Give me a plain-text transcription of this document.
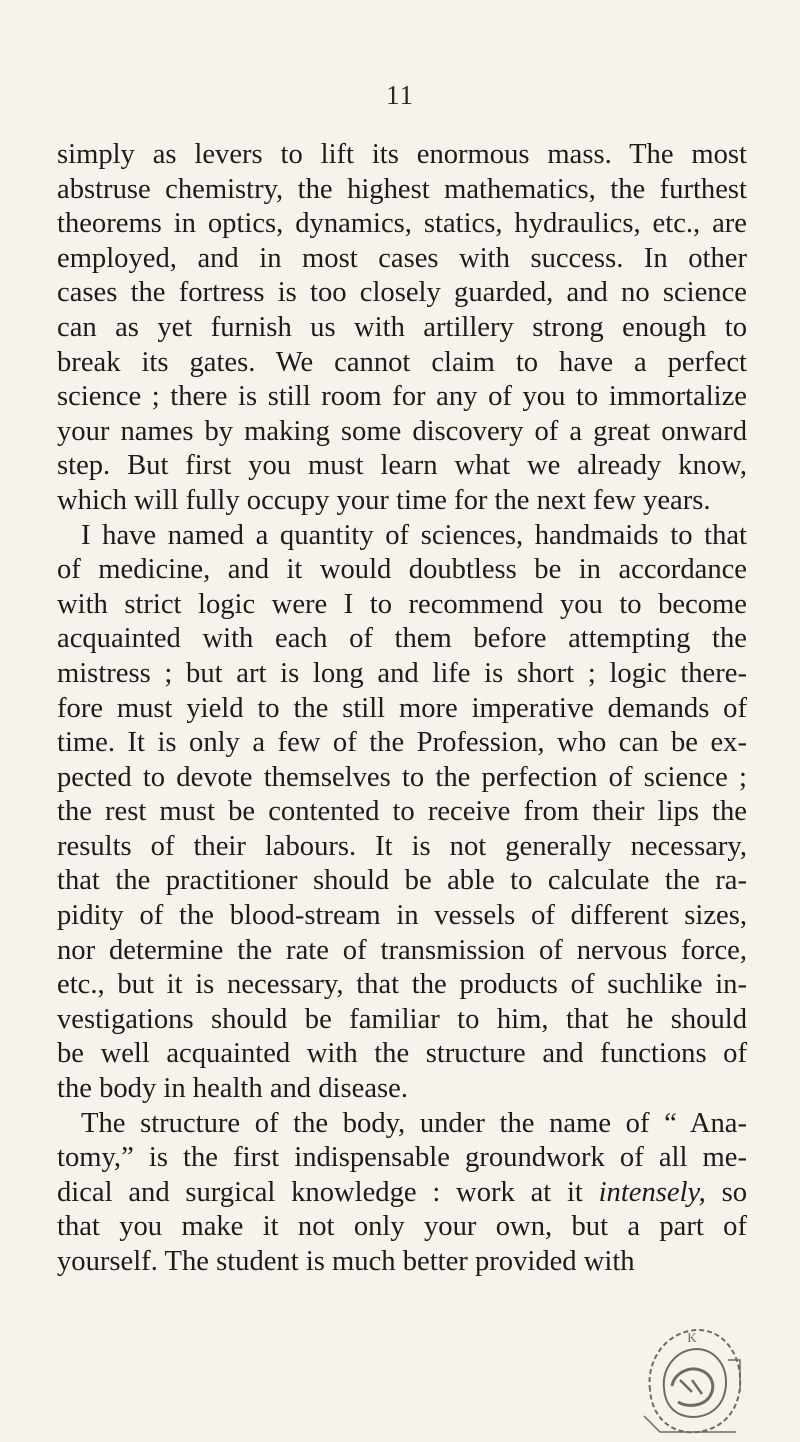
11

simply as levers to lift its enormous mass. The most
abstruse chemistry, the highest mathematics, the furthest
theorems in optics, dynamics, statics, hydraulics, etc., are
employed, and in most cases with success. In other
cases the fortress is too closely guarded, and no science
can as yet furnish us with artillery strong enough to
break its gates. We cannot claim to have a perfect
science ; there is still room for any of you to immortalize
your names by making some discovery of a great onward
step. But first you must learn what we already know,
which will fully occupy your time for the next few years.

I have named a quantity of sciences, handmaids to that
of medicine, and it would doubtless be in accordance
with strict logic were I to recommend you to become
acquainted with each of them before attempting the
mistress ; but art is long and life is short ; logic there-
fore must yield to the still more imperative demands of
time. It is only a few of the Profession, who can be ex-
pected to devote themselves to the perfection of science ;
the rest must be contented to receive from their lips the
results of their labours. It is not generally necessary,
that the practitioner should be able to calculate the ra-
pidity of the blood-stream in vessels of different sizes,
nor determine the rate of transmission of nervous force,
etc., but it is necessary, that the products of suchlike in-
vestigations should be familiar to him, that he should
be well acquainted with the structure and functions of
the body in health and disease.

The structure of the body, under the name of “ Ana-
tomy,” is the first indispensable groundwork of all me-
dical and surgical knowledge : work at it intensely, so
that you make it not only your own, but a part of
yourself. The student is much better provided with

K
